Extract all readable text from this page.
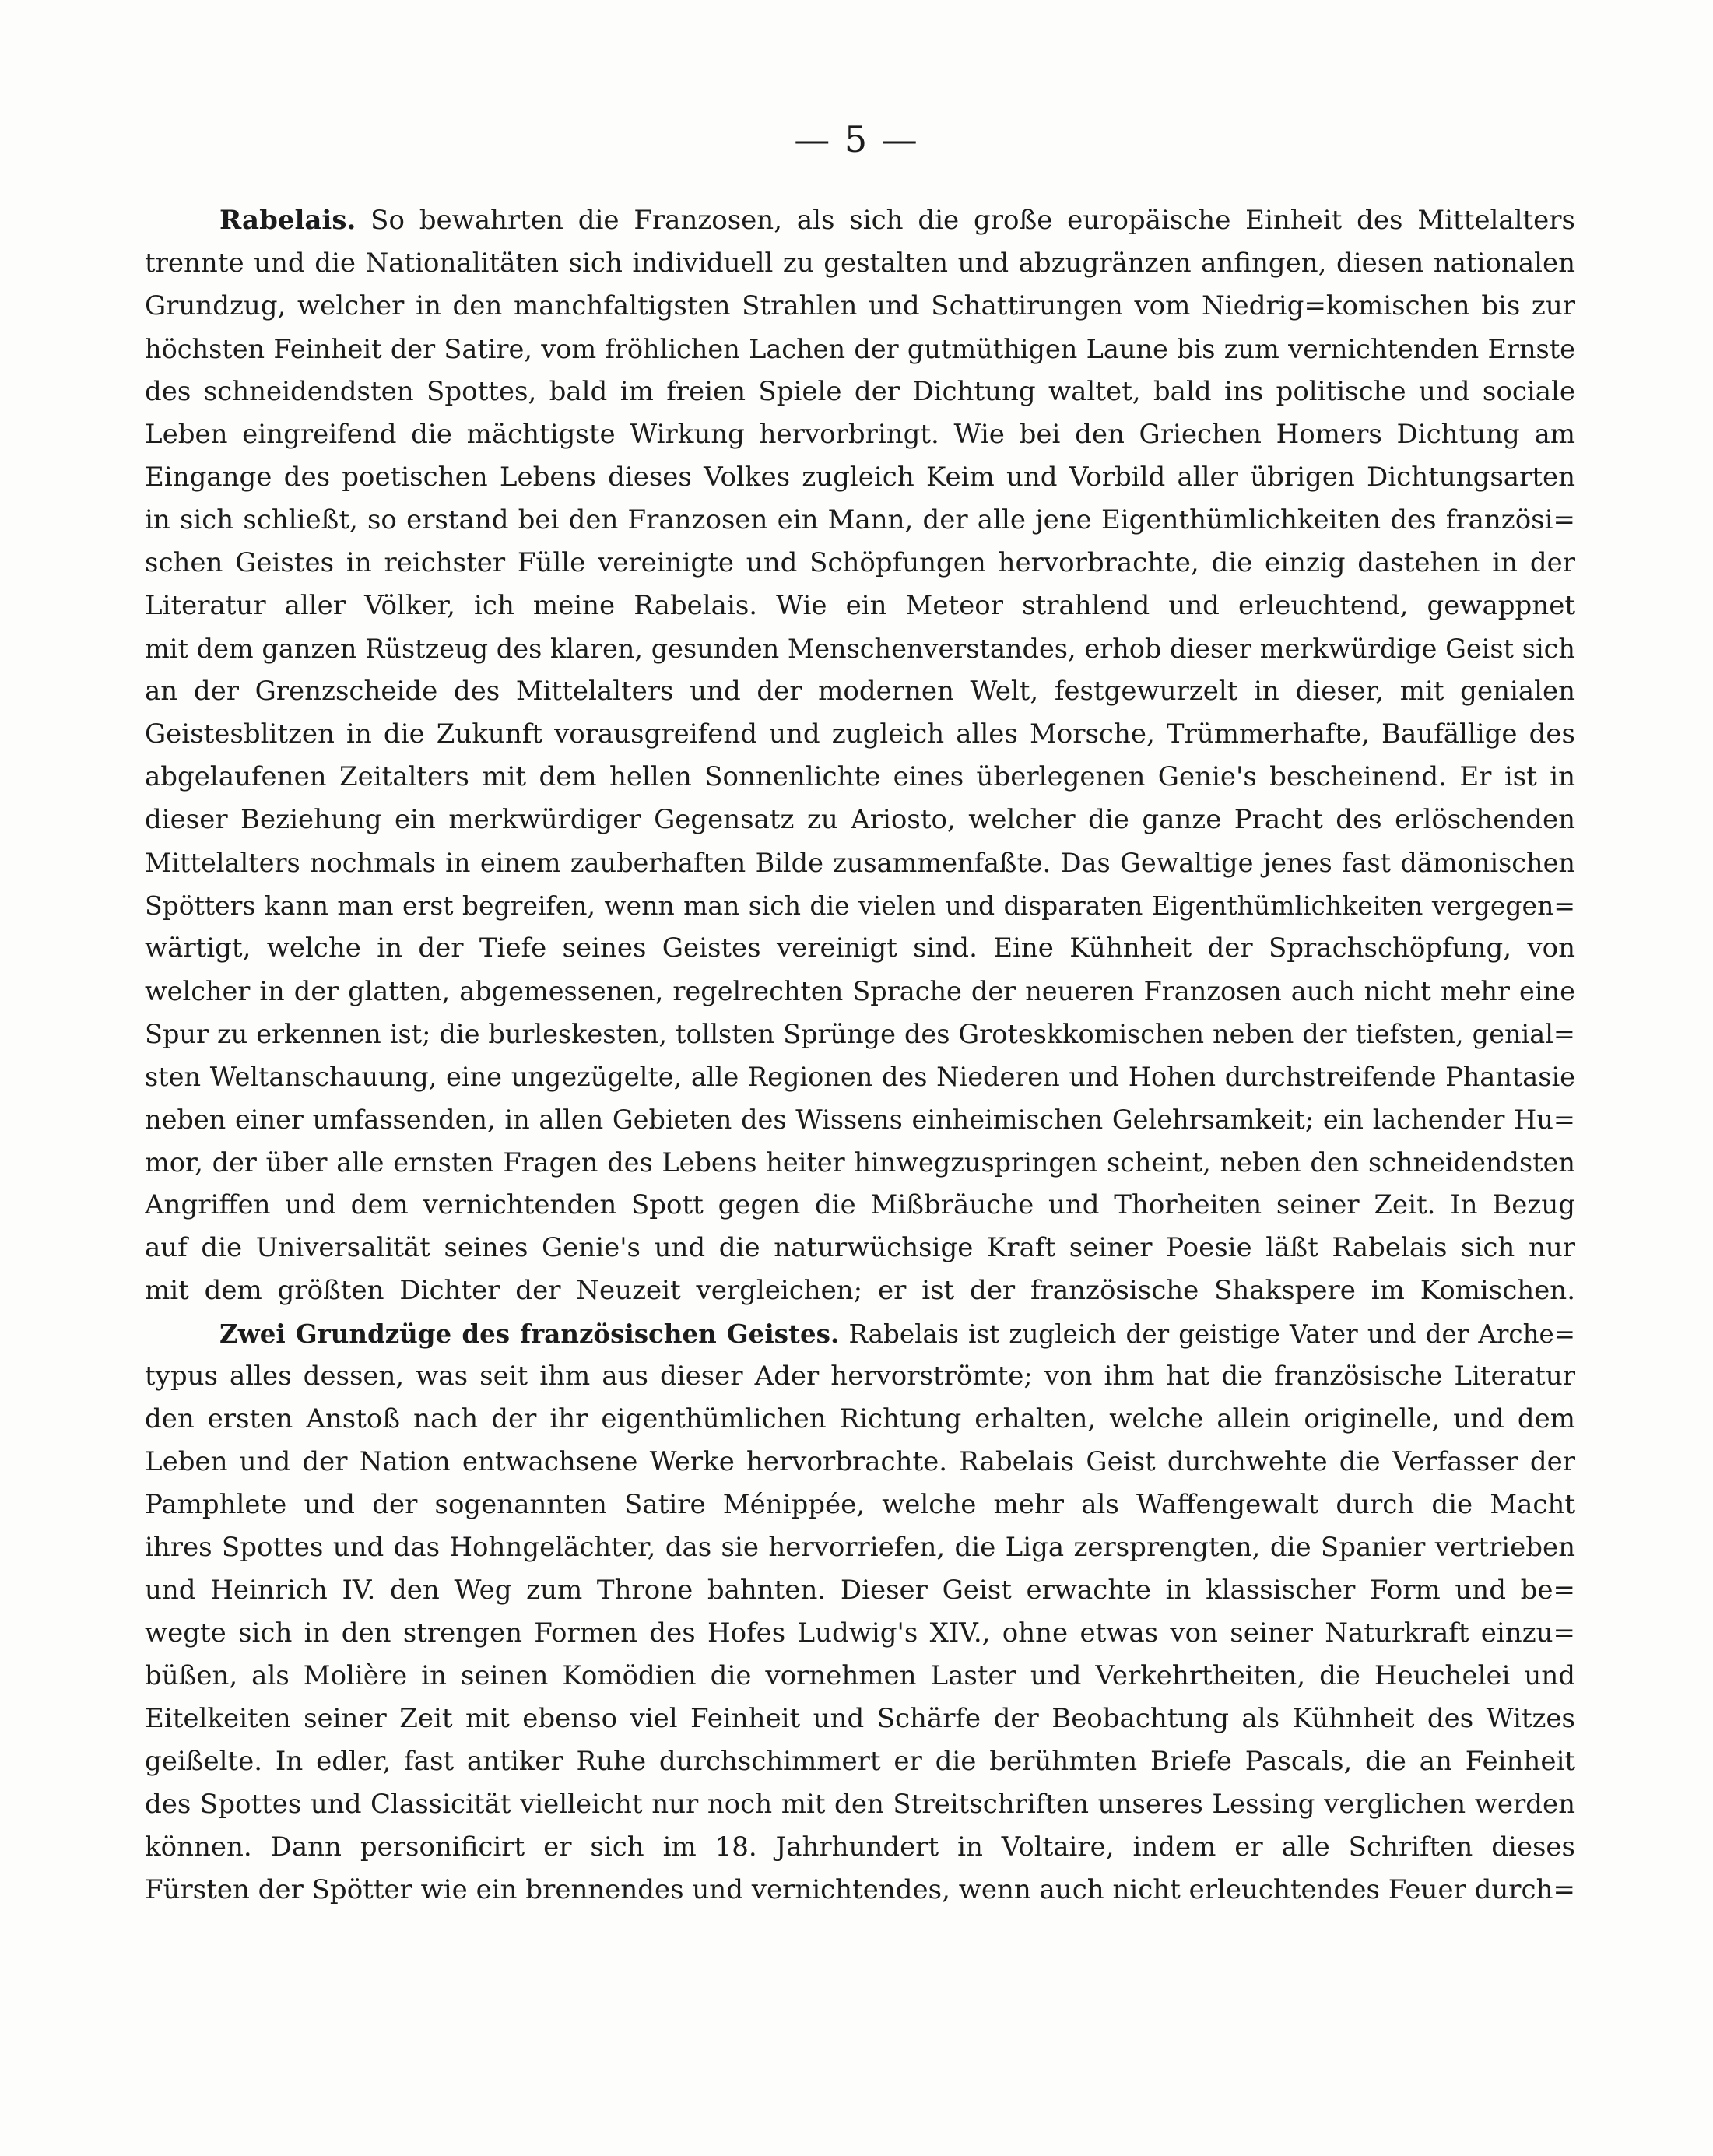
— 5 —
Rabelais. So bewahrten die Franzosen, als sich die große europäische Einheit des Mittelalters
trennte und die Nationalitäten sich individuell zu gestalten und abzugränzen anfingen, diesen nationalen
Grundzug, welcher in den manchfaltigsten Strahlen und Schattirungen vom Niedrig=komischen bis zur
höchsten Feinheit der Satire, vom fröhlichen Lachen der gutmüthigen Laune bis zum vernichtenden Ernste
des schneidendsten Spottes, bald im freien Spiele der Dichtung waltet, bald ins politische und sociale
Leben eingreifend die mächtigste Wirkung hervorbringt. Wie bei den Griechen Homers Dichtung am
Eingange des poetischen Lebens dieses Volkes zugleich Keim und Vorbild aller übrigen Dichtungsarten
in sich schließt, so erstand bei den Franzosen ein Mann, der alle jene Eigenthümlichkeiten des französi=
schen Geistes in reichster Fülle vereinigte und Schöpfungen hervorbrachte, die einzig dastehen in der
Literatur aller Völker, ich meine Rabelais. Wie ein Meteor strahlend und erleuchtend, gewappnet
mit dem ganzen Rüstzeug des klaren, gesunden Menschenverstandes, erhob dieser merkwürdige Geist sich
an der Grenzscheide des Mittelalters und der modernen Welt, festgewurzelt in dieser, mit genialen
Geistesblitzen in die Zukunft vorausgreifend und zugleich alles Morsche, Trümmerhafte, Baufällige des
abgelaufenen Zeitalters mit dem hellen Sonnenlichte eines überlegenen Genie's bescheinend. Er ist in
dieser Beziehung ein merkwürdiger Gegensatz zu Ariosto, welcher die ganze Pracht des erlöschenden
Mittelalters nochmals in einem zauberhaften Bilde zusammenfaßte. Das Gewaltige jenes fast dämonischen
Spötters kann man erst begreifen, wenn man sich die vielen und disparaten Eigenthümlichkeiten vergegen=
wärtigt, welche in der Tiefe seines Geistes vereinigt sind. Eine Kühnheit der Sprachschöpfung, von
welcher in der glatten, abgemessenen, regelrechten Sprache der neueren Franzosen auch nicht mehr eine
Spur zu erkennen ist; die burleskesten, tollsten Sprünge des Groteskkomischen neben der tiefsten, genial=
sten Weltanschauung, eine ungezügelte, alle Regionen des Niederen und Hohen durchstreifende Phantasie
neben einer umfassenden, in allen Gebieten des Wissens einheimischen Gelehrsamkeit; ein lachender Hu=
mor, der über alle ernsten Fragen des Lebens heiter hinwegzuspringen scheint, neben den schneidendsten
Angriffen und dem vernichtenden Spott gegen die Mißbräuche und Thorheiten seiner Zeit. In Bezug
auf die Universalität seines Genie's und die naturwüchsige Kraft seiner Poesie läßt Rabelais sich nur
mit dem größten Dichter der Neuzeit vergleichen; er ist der französische Shakspere im Komischen.
Zwei Grundzüge des französischen Geistes. Rabelais ist zugleich der geistige Vater und der Arche=
typus alles dessen, was seit ihm aus dieser Ader hervorströmte; von ihm hat die französische Literatur
den ersten Anstoß nach der ihr eigenthümlichen Richtung erhalten, welche allein originelle, und dem
Leben und der Nation entwachsene Werke hervorbrachte. Rabelais Geist durchwehte die Verfasser der
Pamphlete und der sogenannten Satire Ménippée, welche mehr als Waffengewalt durch die Macht
ihres Spottes und das Hohngelächter, das sie hervorriefen, die Liga zersprengten, die Spanier vertrieben
und Heinrich IV. den Weg zum Throne bahnten. Dieser Geist erwachte in klassischer Form und be=
wegte sich in den strengen Formen des Hofes Ludwig's XIV., ohne etwas von seiner Naturkraft einzu=
büßen, als Molière in seinen Komödien die vornehmen Laster und Verkehrtheiten, die Heuchelei und
Eitelkeiten seiner Zeit mit ebenso viel Feinheit und Schärfe der Beobachtung als Kühnheit des Witzes
geißelte. In edler, fast antiker Ruhe durchschimmert er die berühmten Briefe Pascals, die an Feinheit
des Spottes und Classicität vielleicht nur noch mit den Streitschriften unseres Lessing verglichen werden
können. Dann personificirt er sich im 18. Jahrhundert in Voltaire, indem er alle Schriften dieses
Fürsten der Spötter wie ein brennendes und vernichtendes, wenn auch nicht erleuchtendes Feuer durch=
